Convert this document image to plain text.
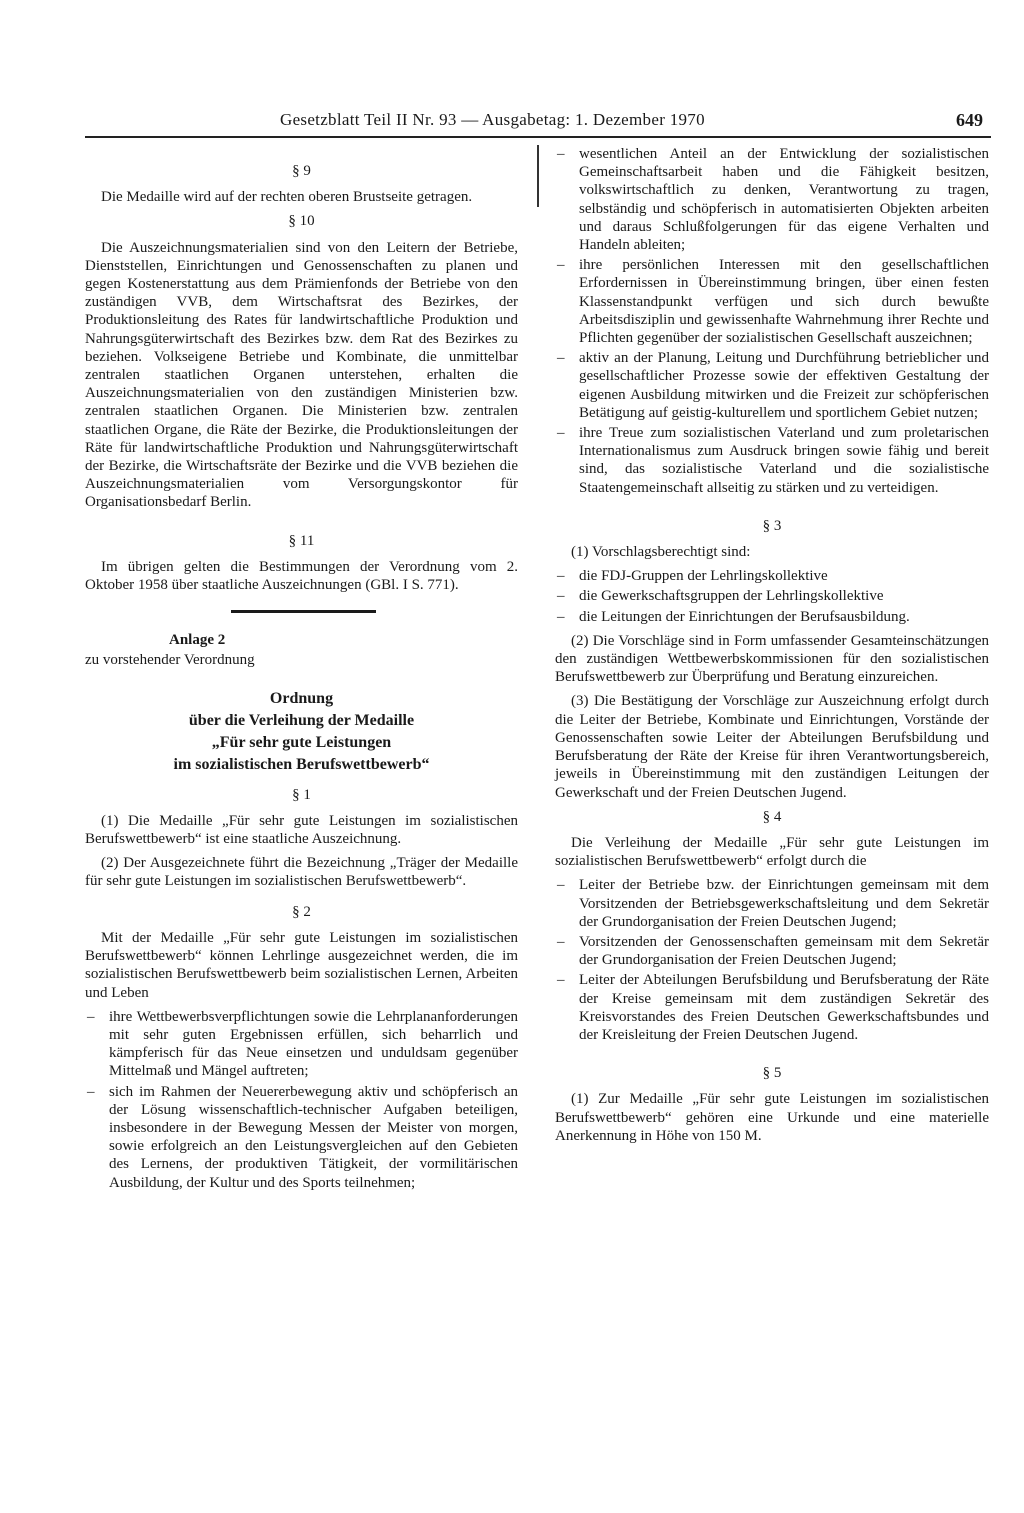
Gesetzblatt Teil II Nr. 93 — Ausgabetag: 1. Dezember 1970	649
§ 9

Die Medaille wird auf der rechten oberen Brustseite getragen.

§ 10

Die Auszeichnungsmaterialien sind von den Leitern der Betriebe, Dienststellen, Einrichtungen und Genossenschaften zu planen und gegen Kostenerstattung aus dem Prämienfonds der Betriebe von den zuständigen VVB, dem Wirtschaftsrat des Bezirkes, der Produktionsleitung des Rates für landwirtschaftliche Produktion und Nahrungsgüterwirtschaft des Bezirkes bzw. dem Rat des Bezirkes zu beziehen. Volkseigene Betriebe und Kombinate, die unmittelbar zentralen staatlichen Organen unterstehen, erhalten die Auszeichnungsmaterialien von den zuständigen Ministerien bzw. zentralen staatlichen Organen. Die Ministerien bzw. zentralen staatlichen Organe, die Räte der Bezirke, die Produktionsleitungen der Räte für landwirtschaftliche Produktion und Nahrungsgüterwirtschaft der Bezirke, die Wirtschaftsräte der Bezirke und die VVB beziehen die Auszeichnungsmaterialien vom Versorgungskontor für Organisationsbedarf Berlin.

§ 11

Im übrigen gelten die Bestimmungen der Verordnung vom 2. Oktober 1958 über staatliche Auszeichnungen (GBl. I S. 771).

Anlage 2

zu vorstehender Verordnung

Ordnung
über die Verleihung der Medaille
„Für sehr gute Leistungen
im sozialistischen Berufswettbewerb“
§ 1

(1) Die Medaille „Für sehr gute Leistungen im sozialistischen Berufswettbewerb“ ist eine staatliche Auszeichnung.

(2) Der Ausgezeichnete führt die Bezeichnung „Träger der Medaille für sehr gute Leistungen im sozialistischen Berufswettbewerb“.

§ 2

Mit der Medaille „Für sehr gute Leistungen im sozialistischen Berufswettbewerb“ können Lehrlinge ausgezeichnet werden, die im sozialistischen Berufswettbewerb beim sozialistischen Lernen, Arbeiten und Leben

– ihre Wettbewerbsverpflichtungen sowie die Lehrplananforderungen mit sehr guten Ergebnissen erfüllen, sich beharrlich und kämpferisch für das Neue einsetzen und unduldsam gegenüber Mittelmaß und Mängel auftreten;
– sich im Rahmen der Neuererbewegung aktiv und schöpferisch an der Lösung wissenschaftlich-technischer Aufgaben beteiligen, insbesondere in der Bewegung Messen der Meister von morgen, sowie erfolgreich an den Leistungsvergleichen auf den Gebieten des Lernens, der produktiven Tätigkeit, der vormilitärischen Ausbildung, der Kultur und des Sports teilnehmen;
– wesentlichen Anteil an der Entwicklung der sozialistischen Gemeinschaftsarbeit haben und die Fähigkeit besitzen, volkswirtschaftlich zu denken, Verantwortung zu tragen, selbständig und schöpferisch in automatisierten Objekten arbeiten und daraus Schlußfolgerungen für das eigene Verhalten und Handeln ableiten;
– ihre persönlichen Interessen mit den gesellschaftlichen Erfordernissen in Übereinstimmung bringen, über einen festen Klassenstandpunkt verfügen und sich durch bewußte Arbeitsdisziplin und gewissenhafte Wahrnehmung ihrer Rechte und Pflichten gegenüber der sozialistischen Gesellschaft auszeichnen;
– aktiv an der Planung, Leitung und Durchführung betrieblicher und gesellschaftlicher Prozesse sowie der effektiven Gestaltung der eigenen Ausbildung mitwirken und die Freizeit zur schöpferischen Betätigung auf geistig-kulturellem und sportlichem Gebiet nutzen;
– ihre Treue zum sozialistischen Vaterland und zum proletarischen Internationalismus zum Ausdruck bringen sowie fähig und bereit sind, das sozialistische Vaterland und die sozialistische Staatengemeinschaft allseitig zu stärken und zu verteidigen.
§ 3

(1) Vorschlagsberechtigt sind:

– die FDJ-Gruppen der Lehrlingskollektive
– die Gewerkschaftsgruppen der Lehrlingskollektive
– die Leitungen der Einrichtungen der Berufsausbildung.

(2) Die Vorschläge sind in Form umfassender Gesamteinschätzungen den zuständigen Wettbewerbskommissionen für den sozialistischen Berufswettbewerb zur Überprüfung und Beratung einzureichen.

(3) Die Bestätigung der Vorschläge zur Auszeichnung erfolgt durch die Leiter der Betriebe, Kombinate und Einrichtungen, Vorstände der Genossenschaften sowie Leiter der Abteilungen Berufsbildung und Berufsberatung der Räte der Kreise für ihren Verantwortungsbereich, jeweils in Übereinstimmung mit den zuständigen Leitungen der Gewerkschaft und der Freien Deutschen Jugend.

§ 4

Die Verleihung der Medaille „Für sehr gute Leistungen im sozialistischen Berufswettbewerb“ erfolgt durch die

– Leiter der Betriebe bzw. der Einrichtungen gemeinsam mit dem Vorsitzenden der Betriebsgewerkschaftsleitung und dem Sekretär der Grundorganisation der Freien Deutschen Jugend;
– Vorsitzenden der Genossenschaften gemeinsam mit dem Sekretär der Grundorganisation der Freien Deutschen Jugend;
– Leiter der Abteilungen Berufsbildung und Berufsberatung der Räte der Kreise gemeinsam mit dem zuständigen Sekretär des Kreisvorstandes des Freien Deutschen Gewerkschaftsbundes und der Kreisleitung der Freien Deutschen Jugend.
§ 5

(1) Zur Medaille „Für sehr gute Leistungen im sozialistischen Berufswettbewerb“ gehören eine Urkunde und eine materielle Anerkennung in Höhe von 150 M.
